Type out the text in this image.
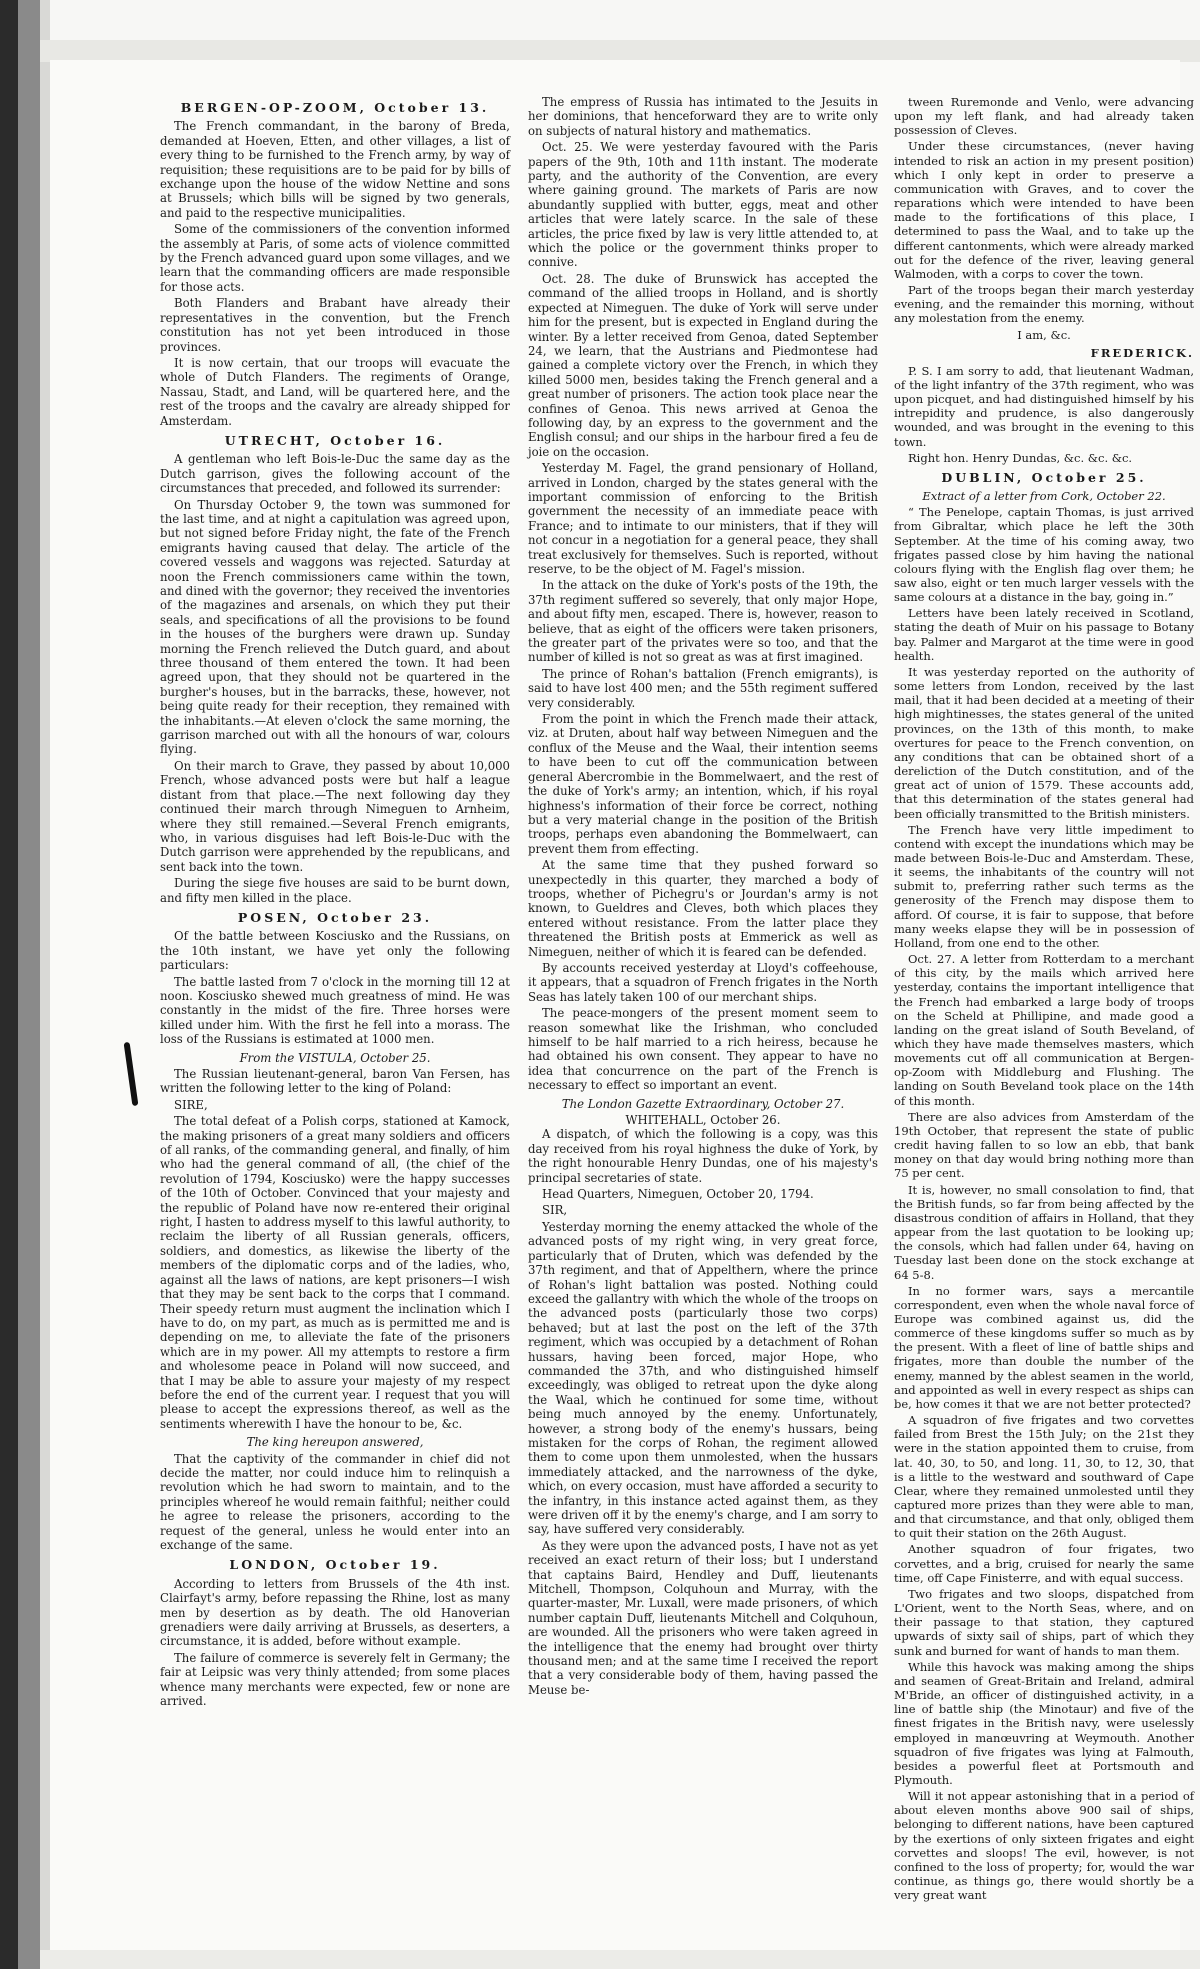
BERGEN-OP-ZOOM, October 13.

The French commandant, in the barony of Breda, demanded at Hoeven, Etten, and other villages, a list of every thing to be furnished to the French army, by way of requisition; these requisitions are to be paid for by bills of exchange upon the house of the widow Nettine and sons at Brussels; which bills will be signed by two generals, and paid to the respective municipalities.

Some of the commissioners of the convention informed the assembly at Paris, of some acts of violence committed by the French advanced guard upon some villages, and we learn that the commanding officers are made responsible for those acts.

Both Flanders and Brabant have already their representatives in the convention, but the French constitution has not yet been introduced in those provinces.

It is now certain, that our troops will evacuate the whole of Dutch Flanders. The regiments of Orange, Nassau, Stadt, and Land, will be quartered here, and the rest of the troops and the cavalry are already shipped for Amsterdam.

UTRECHT, October 16.

A gentleman who left Bois-le-Duc the same day as the Dutch garrison, gives the following account of the circumstances that preceded, and followed its surrender:

On Thursday October 9, the town was summoned for the last time, and at night a capitulation was agreed upon, but not signed before Friday night, the fate of the French emigrants having caused that delay. The article of the covered vessels and waggons was rejected. Saturday at noon the French commissioners came within the town, and dined with the governor; they received the inventories of the magazines and arsenals, on which they put their seals, and specifications of all the provisions to be found in the houses of the burghers were drawn up. Sunday morning the French relieved the Dutch guard, and about three thousand of them entered the town. It had been agreed upon, that they should not be quartered in the burgher's houses, but in the barracks, these, however, not being quite ready for their reception, they remained with the inhabitants.—At eleven o'clock the same morning, the garrison marched out with all the honours of war, colours flying.

On their march to Grave, they passed by about 10,000 French, whose advanced posts were but half a league distant from that place.—The next following day they continued their march through Nimeguen to Arnheim, where they still remained.—Several French emigrants, who, in various disguises had left Bois-le-Duc with the Dutch garrison were apprehended by the republicans, and sent back into the town.

During the siege five houses are said to be burnt down, and fifty men killed in the place.

POSEN, October 23.

Of the battle between Kosciusko and the Russians, on the 10th instant, we have yet only the following particulars:

The battle lasted from 7 o'clock in the morning till 12 at noon. Kosciusko shewed much greatness of mind. He was constantly in the midst of the fire. Three horses were killed under him. With the first he fell into a morass. The loss of the Russians is estimated at 1000 men.

From the VISTULA, October 25.

The Russian lieutenant-general, baron Van Fersen, has written the following letter to the king of Poland:

SIRE,

The total defeat of a Polish corps, stationed at Kamock, the making prisoners of a great many soldiers and officers of all ranks, of the commanding general, and finally, of him who had the general command of all, (the chief of the revolution of 1794, Kosciusko) were the happy successes of the 10th of October. Convinced that your majesty and the republic of Poland have now re-entered their original right, I hasten to address myself to this lawful authority, to reclaim the liberty of all Russian generals, officers, soldiers, and domestics, as likewise the liberty of the members of the diplomatic corps and of the ladies, who, against all the laws of nations, are kept prisoners—I wish that they may be sent back to the corps that I command. Their speedy return must augment the inclination which I have to do, on my part, as much as is permitted me and is depending on me, to alleviate the fate of the prisoners which are in my power. All my attempts to restore a firm and wholesome peace in Poland will now succeed, and that I may be able to assure your majesty of my respect before the end of the current year. I request that you will please to accept the expressions thereof, as well as the sentiments wherewith I have the honour to be, &c.

The king hereupon answered,

That the captivity of the commander in chief did not decide the matter, nor could induce him to relinquish a revolution which he had sworn to maintain, and to the principles whereof he would remain faithful; neither could he agree to release the prisoners, according to the request of the general, unless he would enter into an exchange of the same.

LONDON, October 19.

According to letters from Brussels of the 4th inst. Clairfayt's army, before repassing the Rhine, lost as many men by desertion as by death. The old Hanoverian grenadiers were daily arriving at Brussels, as deserters, a circumstance, it is added, before without example.

The failure of commerce is severely felt in Germany; the fair at Leipsic was very thinly attended; from some places whence many merchants were expected, few or none are arrived.

The empress of Russia has intimated to the Jesuits in her dominions, that henceforward they are to write only on subjects of natural history and mathematics.

Oct. 25. We were yesterday favoured with the Paris papers of the 9th, 10th and 11th instant. The moderate party, and the authority of the Convention, are every where gaining ground. The markets of Paris are now abundantly supplied with butter, eggs, meat and other articles that were lately scarce. In the sale of these articles, the price fixed by law is very little attended to, at which the police or the government thinks proper to connive.

Oct. 28. The duke of Brunswick has accepted the command of the allied troops in Holland, and is shortly expected at Nimeguen. The duke of York will serve under him for the present, but is expected in England during the winter. By a letter received from Genoa, dated September 24, we learn, that the Austrians and Piedmontese had gained a complete victory over the French, in which they killed 5000 men, besides taking the French general and a great number of prisoners. The action took place near the confines of Genoa. This news arrived at Genoa the following day, by an express to the government and the English consul; and our ships in the harbour fired a feu de joie on the occasion.

Yesterday M. Fagel, the grand pensionary of Holland, arrived in London, charged by the states general with the important commission of enforcing to the British government the necessity of an immediate peace with France; and to intimate to our ministers, that if they will not concur in a negotiation for a general peace, they shall treat exclusively for themselves. Such is reported, without reserve, to be the object of M. Fagel's mission.

In the attack on the duke of York's posts of the 19th, the 37th regiment suffered so severely, that only major Hope, and about fifty men, escaped. There is, however, reason to believe, that as eight of the officers were taken prisoners, the greater part of the privates were so too, and that the number of killed is not so great as was at first imagined.

The prince of Rohan's battalion (French emigrants), is said to have lost 400 men; and the 55th regiment suffered very considerably.

From the point in which the French made their attack, viz. at Druten, about half way between Nimeguen and the conflux of the Meuse and the Waal, their intention seems to have been to cut off the communication between general Abercrombie in the Bommelwaert, and the rest of the duke of York's army; an intention, which, if his royal highness's information of their force be correct, nothing but a very material change in the position of the British troops, perhaps even abandoning the Bommelwaert, can prevent them from effecting.

At the same time that they pushed forward so unexpectedly in this quarter, they marched a body of troops, whether of Pichegru's or Jourdan's army is not known, to Gueldres and Cleves, both which places they entered without resistance. From the latter place they threatened the British posts at Emmerick as well as Nimeguen, neither of which it is feared can be defended.

By accounts received yesterday at Lloyd's coffeehouse, it appears, that a squadron of French frigates in the North Seas has lately taken 100 of our merchant ships.

The peace-mongers of the present moment seem to reason somewhat like the Irishman, who concluded himself to be half married to a rich heiress, because he had obtained his own consent. They appear to have no idea that concurrence on the part of the French is necessary to effect so important an event.

The London Gazette Extraordinary, October 27.
WHITEHALL, October 26.

A dispatch, of which the following is a copy, was this day received from his royal highness the duke of York, by the right honourable Henry Dundas, one of his majesty's principal secretaries of state.

Head Quarters, Nimeguen, October 20, 1794.

SIR,

Yesterday morning the enemy attacked the whole of the advanced posts of my right wing, in very great force, particularly that of Druten, which was defended by the 37th regiment, and that of Appelthern, where the prince of Rohan's light battalion was posted. Nothing could exceed the gallantry with which the whole of the troops on the advanced posts (particularly those two corps) behaved; but at last the post on the left of the 37th regiment, which was occupied by a detachment of Rohan hussars, having been forced, major Hope, who commanded the 37th, and who distinguished himself exceedingly, was obliged to retreat upon the dyke along the Waal, which he continued for some time, without being much annoyed by the enemy. Unfortunately, however, a strong body of the enemy's hussars, being mistaken for the corps of Rohan, the regiment allowed them to come upon them unmolested, when the hussars immediately attacked, and the narrowness of the dyke, which, on every occasion, must have afforded a security to the infantry, in this instance acted against them, as they were driven off it by the enemy's charge, and I am sorry to say, have suffered very considerably.

As they were upon the advanced posts, I have not as yet received an exact return of their loss; but I understand that captains Baird, Hendley and Duff, lieutenants Mitchell, Thompson, Colquhoun and Murray, with the quarter-master, Mr. Luxall, were made prisoners, of which number captain Duff, lieutenants Mitchell and Colquhoun, are wounded. All the prisoners who were taken agreed in the intelligence that the enemy had brought over thirty thousand men; and at the same time I received the report that a very considerable body of them, having passed the Meuse be-

tween Ruremonde and Venlo, were advancing upon my left flank, and had already taken possession of Cleves.

Under these circumstances, (never having intended to risk an action in my present position) which I only kept in order to preserve a communication with Graves, and to cover the reparations which were intended to have been made to the fortifications of this place, I determined to pass the Waal, and to take up the different cantonments, which were already marked out for the defence of the river, leaving general Walmoden, with a corps to cover the town.

Part of the troops began their march yesterday evening, and the remainder this morning, without any molestation from the enemy.

I am, &c.
FREDERICK.

P. S. I am sorry to add, that lieutenant Wadman, of the light infantry of the 37th regiment, who was upon picquet, and had distinguished himself by his intrepidity and prudence, is also dangerously wounded, and was brought in the evening to this town.

Right hon. Henry Dundas, &c. &c. &c.

DUBLIN, October 25.
Extract of a letter from Cork, October 22.

“ The Penelope, captain Thomas, is just arrived from Gibraltar, which place he left the 30th September. At the time of his coming away, two frigates passed close by him having the national colours flying with the English flag over them; he saw also, eight or ten much larger vessels with the same colours at a distance in the bay, going in.”

Letters have been lately received in Scotland, stating the death of Muir on his passage to Botany bay. Palmer and Margarot at the time were in good health.

It was yesterday reported on the authority of some letters from London, received by the last mail, that it had been decided at a meeting of their high mightinesses, the states general of the united provinces, on the 13th of this month, to make overtures for peace to the French convention, on any conditions that can be obtained short of a dereliction of the Dutch constitution, and of the great act of union of 1579. These accounts add, that this determination of the states general had been officially transmitted to the British ministers.

The French have very little impediment to contend with except the inundations which may be made between Bois-le-Duc and Amsterdam. These, it seems, the inhabitants of the country will not submit to, preferring rather such terms as the generosity of the French may dispose them to afford. Of course, it is fair to suppose, that before many weeks elapse they will be in possession of Holland, from one end to the other.

Oct. 27. A letter from Rotterdam to a merchant of this city, by the mails which arrived here yesterday, contains the important intelligence that the French had embarked a large body of troops on the Scheld at Phillipine, and made good a landing on the great island of South Beveland, of which they have made themselves masters, which movements cut off all communication at Bergen-op-Zoom with Middleburg and Flushing. The landing on South Beveland took place on the 14th of this month.

There are also advices from Amsterdam of the 19th October, that represent the state of public credit having fallen to so low an ebb, that bank money on that day would bring nothing more than 75 per cent.

It is, however, no small consolation to find, that the British funds, so far from being affected by the disastrous condition of affairs in Holland, that they appear from the last quotation to be looking up; the consols, which had fallen under 64, having on Tuesday last been done on the stock exchange at 64 5-8.

In no former wars, says a mercantile correspondent, even when the whole naval force of Europe was combined against us, did the commerce of these kingdoms suffer so much as by the present. With a fleet of line of battle ships and frigates, more than double the number of the enemy, manned by the ablest seamen in the world, and appointed as well in every respect as ships can be, how comes it that we are not better protected?

A squadron of five frigates and two corvettes failed from Brest the 15th July; on the 21st they were in the station appointed them to cruise, from lat. 40, 30, to 50, and long. 11, 30, to 12, 30, that is a little to the westward and southward of Cape Clear, where they remained unmolested until they captured more prizes than they were able to man, and that circumstance, and that only, obliged them to quit their station on the 26th August.

Another squadron of four frigates, two corvettes, and a brig, cruised for nearly the same time, off Cape Finisterre, and with equal success.

Two frigates and two sloops, dispatched from L'Orient, went to the North Seas, where, and on their passage to that station, they captured upwards of sixty sail of ships, part of which they sunk and burned for want of hands to man them.

While this havock was making among the ships and seamen of Great-Britain and Ireland, admiral M'Bride, an officer of distinguished activity, in a line of battle ship (the Minotaur) and five of the finest frigates in the British navy, were uselessly employed in manœuvring at Weymouth. Another squadron of five frigates was lying at Falmouth, besides a powerful fleet at Portsmouth and Plymouth.

Will it not appear astonishing that in a period of about eleven months above 900 sail of ships, belonging to different nations, have been captured by the exertions of only sixteen frigates and eight corvettes and sloops! The evil, however, is not confined to the loss of property; for, would the war continue, as things go, there would shortly be a very great want
